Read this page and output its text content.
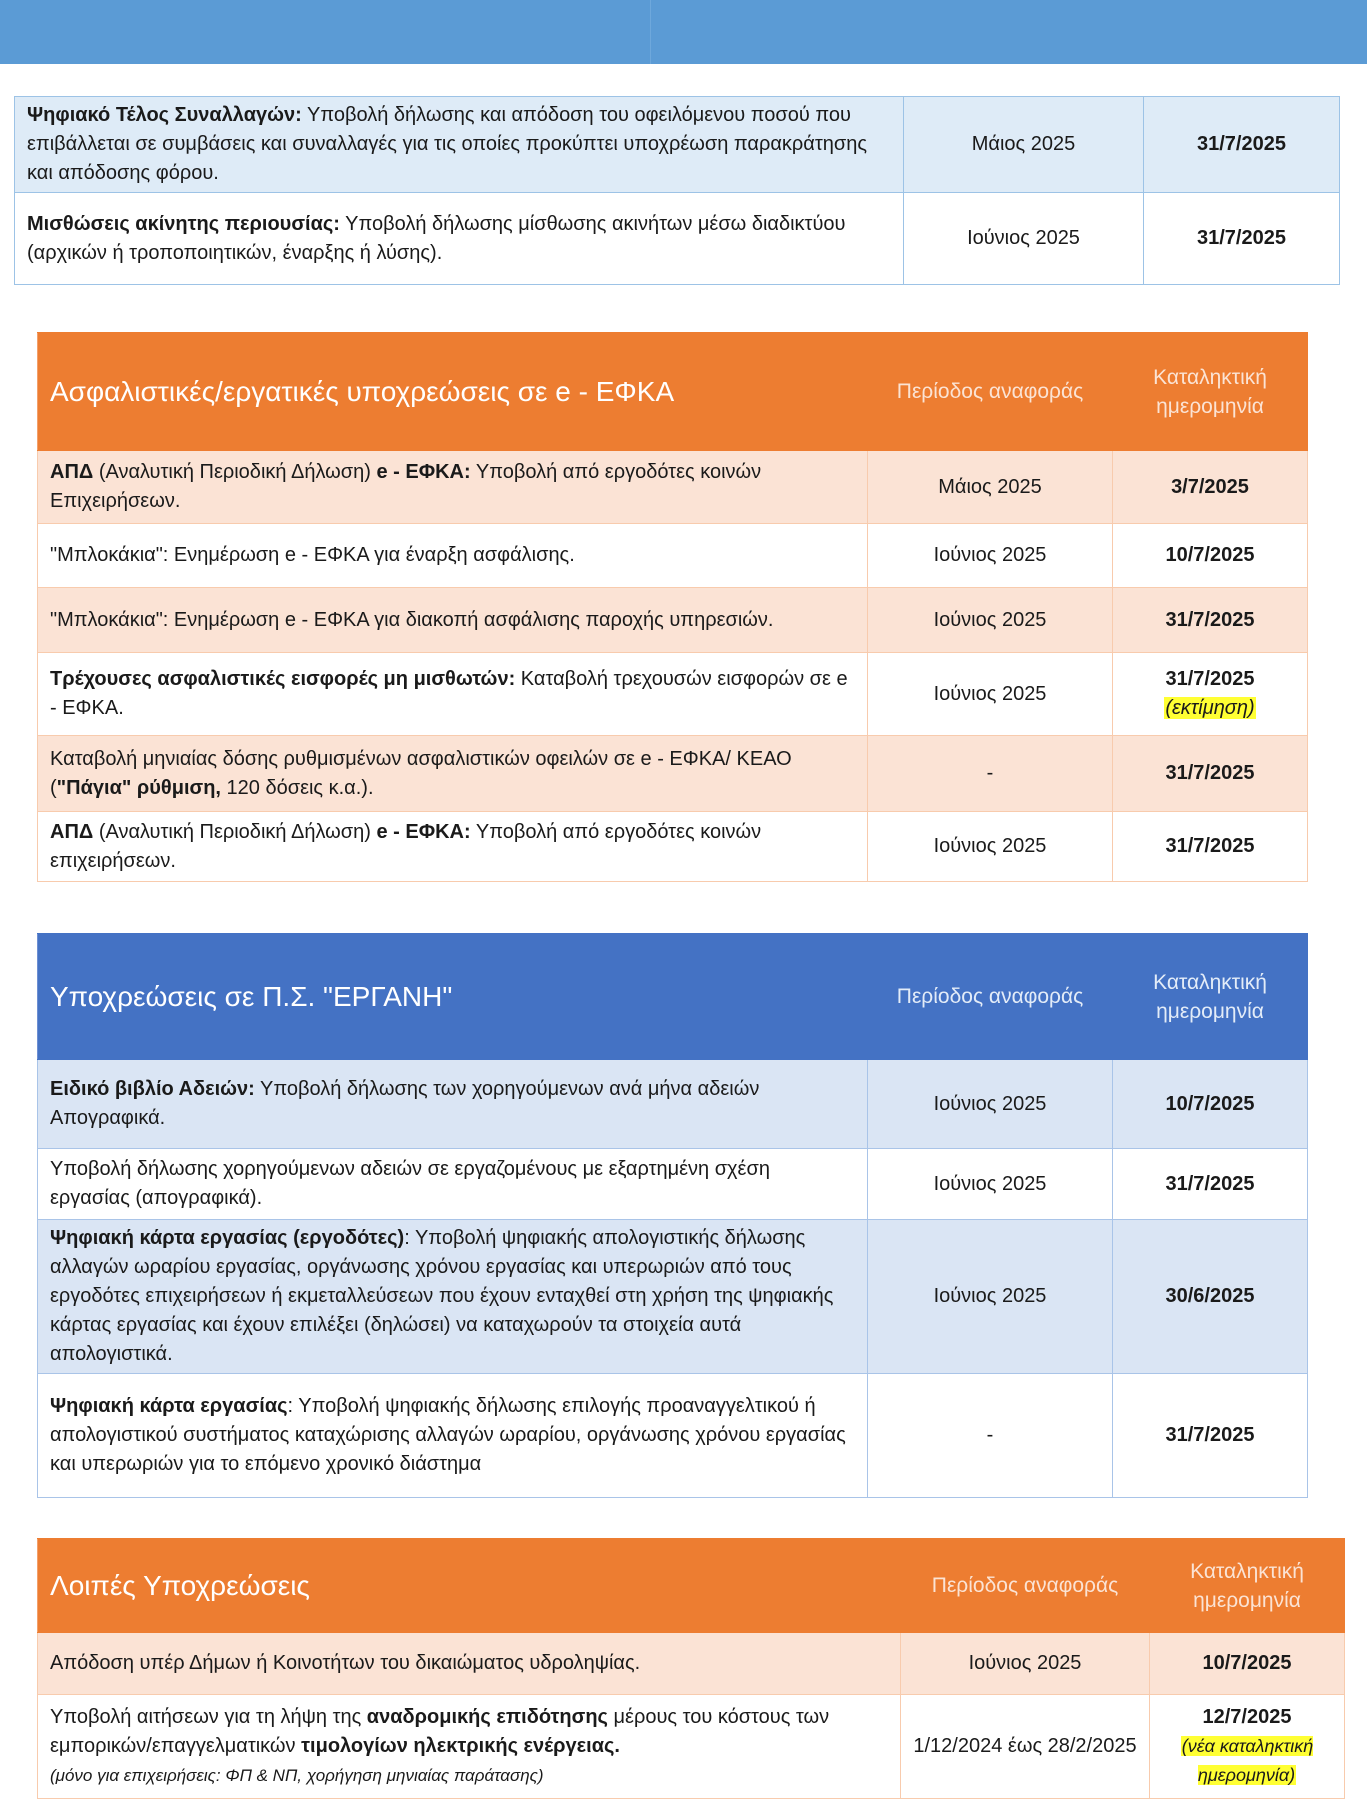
Ψηφιακό Τέλος Συναλλαγών: Υποβολή δήλωσης και απόδοση του οφειλόμενου ποσού που επιβάλλεται σε συμβάσεις και συναλλαγές για τις οποίες προκύπτει υποχρέωση παρακράτησης και απόδοσης φόρου.	Μάιος 2025	31/7/2025
Μισθώσεις ακίνητης περιουσίας: Υποβολή δήλωσης μίσθωσης ακινήτων μέσω διαδικτύου (αρχικών ή τροποποιητικών, έναρξης ή λύσης).	Ιούνιος 2025	31/7/2025
Ασφαλιστικές/εργατικές υποχρεώσεις σε e - ΕΦΚΑ	Περίοδος αναφοράς	Καταληκτική ημερομηνία
ΑΠΔ (Αναλυτική Περιοδική Δήλωση) e - ΕΦΚΑ: Υποβολή από εργοδότες κοινών Επιχειρήσεων.	Μάιος 2025	3/7/2025
"Μπλοκάκια": Ενημέρωση e - ΕΦΚΑ για έναρξη ασφάλισης.	Ιούνιος 2025	10/7/2025
"Μπλοκάκια": Ενημέρωση e - ΕΦΚΑ για διακοπή ασφάλισης παροχής υπηρεσιών.	Ιούνιος 2025	31/7/2025
Τρέχουσες ασφαλιστικές εισφορές μη μισθωτών: Καταβολή τρεχουσών εισφορών σε e - ΕΦΚΑ.	Ιούνιος 2025	31/7/2025
(εκτίμηση)
Καταβολή μηνιαίας δόσης ρυθμισμένων ασφαλιστικών οφειλών σε e - ΕΦΚΑ/ ΚΕΑΟ ("Πάγια" ρύθμιση, 120 δόσεις κ.α.).	-	31/7/2025
ΑΠΔ (Αναλυτική Περιοδική Δήλωση) e - ΕΦΚΑ: Υποβολή από εργοδότες κοινών επιχειρήσεων.	Ιούνιος 2025	31/7/2025
Υποχρεώσεις σε Π.Σ. "ΕΡΓΑΝΗ"	Περίοδος αναφοράς	Καταληκτική ημερομηνία
Ειδικό βιβλίο Αδειών: Υποβολή δήλωσης των χορηγούμενων ανά μήνα αδειών Απογραφικά.	Ιούνιος 2025	10/7/2025
Υποβολή δήλωσης χορηγούμενων αδειών σε εργαζομένους με εξαρτημένη σχέση εργασίας (απογραφικά).	Ιούνιος 2025	31/7/2025
Ψηφιακή κάρτα εργασίας (εργοδότες): Υποβολή ψηφιακής απολογιστικής δήλωσης αλλαγών ωραρίου εργασίας, οργάνωσης χρόνου εργασίας και υπερωριών από τους εργοδότες επιχειρήσεων ή εκμεταλλεύσεων που έχουν ενταχθεί στη χρήση της ψηφιακής κάρτας εργασίας και έχουν επιλέξει (δηλώσει) να καταχωρούν τα στοιχεία αυτά απολογιστικά.	Ιούνιος 2025	30/6/2025
Ψηφιακή κάρτα εργασίας: Υποβολή ψηφιακής δήλωσης επιλογής προαναγγελτικού ή απολογιστικού συστήματος καταχώρισης αλλαγών ωραρίου, οργάνωσης χρόνου εργασίας και υπερωριών για το επόμενο χρονικό διάστημα	-	31/7/2025
Λοιπές Υποχρεώσεις	Περίοδος αναφοράς	Καταληκτική ημερομηνία
Απόδοση υπέρ Δήμων ή Κοινοτήτων του δικαιώματος υδροληψίας.	Ιούνιος 2025	10/7/2025
Υποβολή αιτήσεων για τη λήψη της αναδρομικής επιδότησης μέρους του κόστους των εμπορικών/επαγγελματικών τιμολογίων ηλεκτρικής ενέργειας.
(μόνο για επιχειρήσεις: ΦΠ & ΝΠ, χορήγηση μηνιαίας παράτασης)	1/12/2024 έως 28/2/2025	12/7/2025
(νέα καταληκτική ημερομηνία)
